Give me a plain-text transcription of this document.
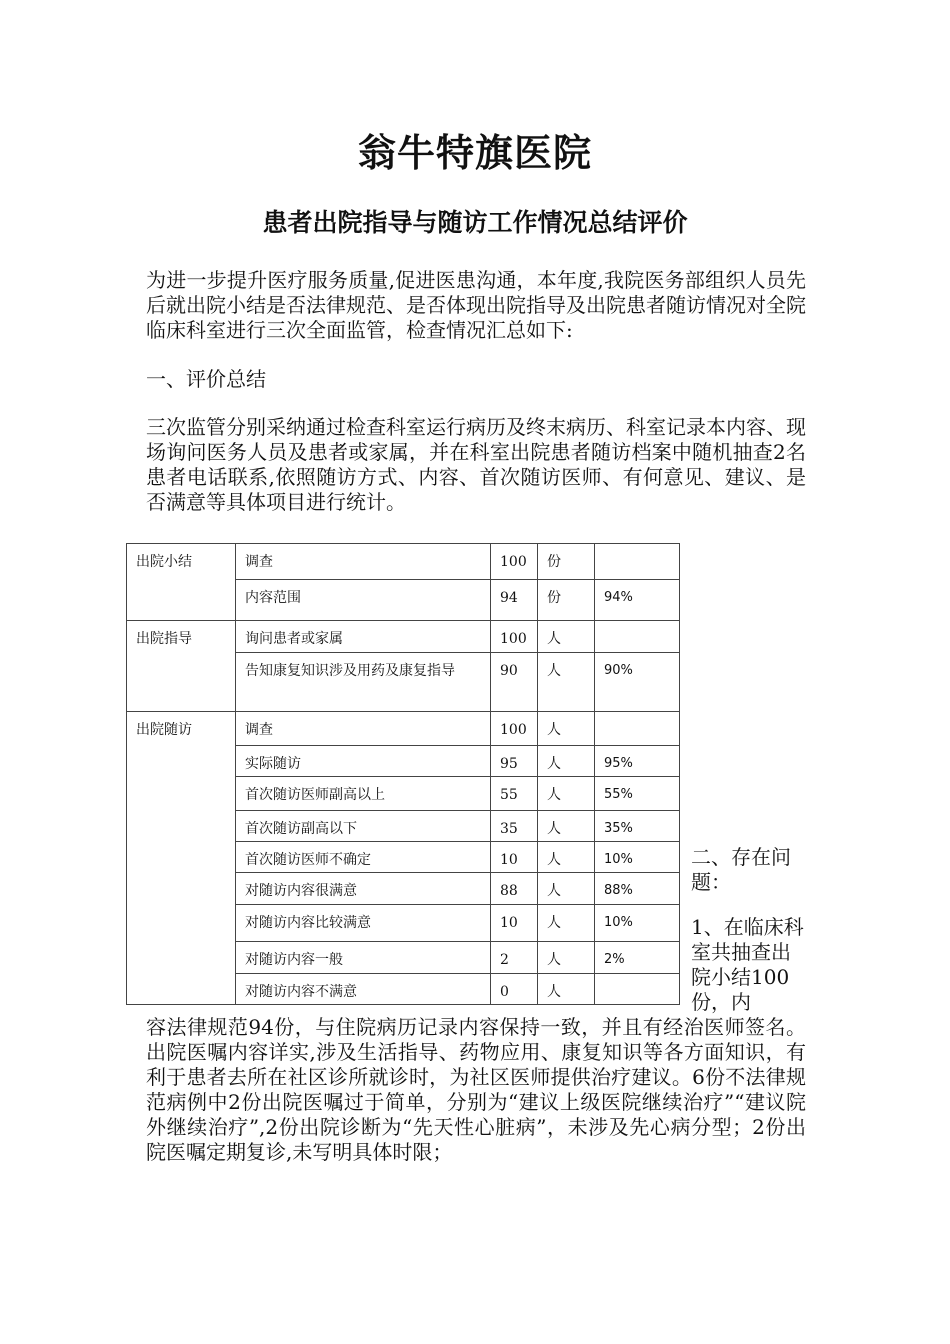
翁牛特旗医院
患者出院指导与随访工作情况总结评价
为进一步提升医疗服务质量,促进医患沟通，本年度,我院医务部组织人员先后就出院小结是否法律规范、是否体现出院指导及出院患者随访情况对全院临床科室进行三次全面监管，检查情况汇总如下:
一、评价总结
三次监管分别采纳通过检查科室运行病历及终末病历、科室记录本内容、现场询问医务人员及患者或家属，并在科室出院患者随访档案中随机抽查2名患者电话联系,依照随访方式、内容、首次随访医师、有何意见、建议、是否满意等具体项目进行统计。
出院小结	调查	100	份	
	内容范围	94	份	94%
出院指导	询问患者或家属	100	人	
	告知康复知识涉及用药及康复指导	90	人	90%
出院随访	调查	100	人	
	实际随访	95	人	95%
	首次随访医师副高以上	55	人	55%
	首次随访副高以下	35	人	35%
	首次随访医师不确定	10	人	10%
	对随访内容很满意	88	人	88%
	对随访内容比较满意	10	人	10%
	对随访内容一般	2	人	2%
	对随访内容不满意	0	人	
二、存在问题：
1、在临床科室共抽查出院小结100份，内
容法律规范94份，与住院病历记录内容保持一致，并且有经治医师签名。出院医嘱内容详实,涉及生活指导、药物应用、康复知识等各方面知识，有利于患者去所在社区诊所就诊时，为社区医师提供治疗建议。6份不法律规范病例中2份出院医嘱过于简单，分别为“建议上级医院继续治疗”“建议院外继续治疗”,2份出院诊断为“先天性心脏病”，未涉及先心病分型；2份出院医嘱定期复诊,未写明具体时限；
